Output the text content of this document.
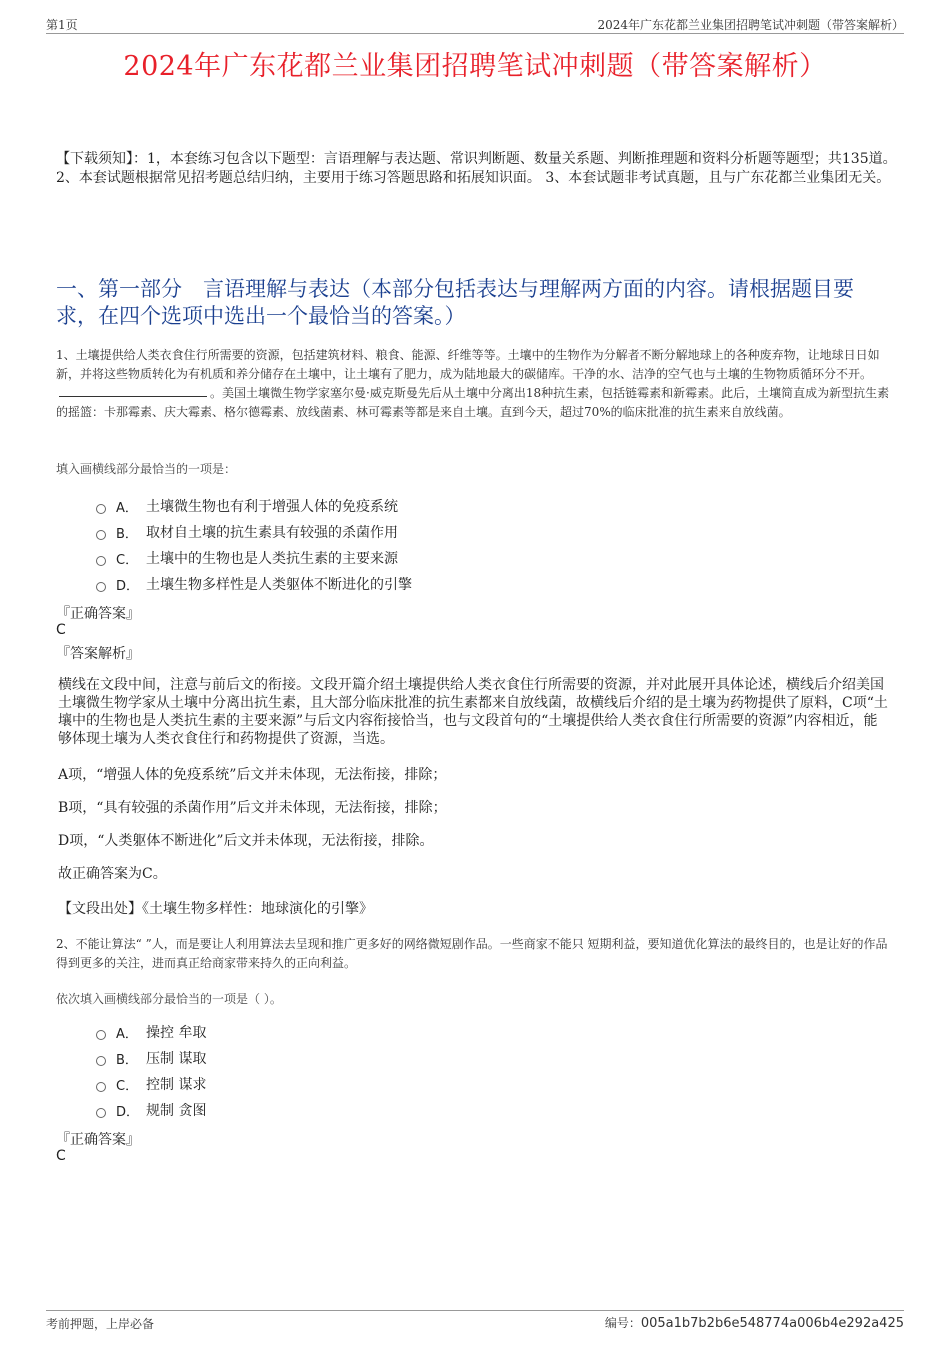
第1页	2024年广东花都兰业集团招聘笔试冲刺题（带答案解析）
2024年广东花都兰业集团招聘笔试冲刺题（带答案解析）
【下载须知】：1，本套练习包含以下题型：言语理解与表达题、常识判断题、数量关系题、判断推理题和资料分析题等题型；共135道。 2、本套试题根据常见招考题总结归纳，主要用于练习答题思路和拓展知识面。 3、本套试题非考试真题，且与广东花都兰业集团无关。
一、第一部分　言语理解与表达（本部分包括表达与理解两方面的内容。请根据题目要求，在四个选项中选出一个最恰当的答案。）
1、土壤提供给人类衣食住行所需要的资源，包括建筑材料、粮食、能源、纤维等等。土壤中的生物作为分解者不断分解地球上的各种废弃物，让地球日日如新，并将这些物质转化为有机质和养分储存在土壤中，让土壤有了肥力，成为陆地最大的碳储库。干净的水、洁净的空气也与土壤的生物物质循环分不开。。美国土壤微生物学家塞尔曼·威克斯曼先后从土壤中分离出18种抗生素，包括链霉素和新霉素。此后，土壤简直成为新型抗生素的摇篮：卡那霉素、庆大霉素、格尔德霉素、放线菌素、林可霉素等都是来自土壤。直到今天，超过70%的临床批准的抗生素来自放线菌。
填入画横线部分最恰当的一项是：
A． 土壤微生物也有利于增强人体的免疫系统
B． 取材自土壤的抗生素具有较强的杀菌作用
C． 土壤中的生物也是人类抗生素的主要来源
D． 土壤生物多样性是人类躯体不断进化的引擎
『正确答案』
C
『答案解析』
横线在文段中间，注意与前后文的衔接。文段开篇介绍土壤提供给人类衣食住行所需要的资源，并对此展开具体论述，横线后介绍美国土壤微生物学家从土壤中分离出抗生素，且大部分临床批准的抗生素都来自放线菌，故横线后介绍的是土壤为药物提供了原料，C项“土壤中的生物也是人类抗生素的主要来源”与后文内容衔接恰当，也与文段首句的“土壤提供给人类衣食住行所需要的资源”内容相近，能够体现土壤为人类衣食住行和药物提供了资源，当选。
A项，“增强人体的免疫系统”后文并未体现，无法衔接，排除；
B项，“具有较强的杀菌作用”后文并未体现，无法衔接，排除；
D项，“人类躯体不断进化”后文并未体现，无法衔接，排除。
故正确答案为C。
【文段出处】《土壤生物多样性：地球演化的引擎》
2、不能让算法“ ”人，而是要让人利用算法去呈现和推广更多好的网络微短剧作品。一些商家不能只 短期利益，要知道优化算法的最终目的，也是让好的作品得到更多的关注，进而真正给商家带来持久的正向利益。
依次填入画横线部分最恰当的一项是（ ）。
A． 操控 牟取
B． 压制 谋取
C． 控制 谋求
D． 规制 贪图
『正确答案』
C
考前押题，上岸必备	编号：005a1b7b2b6e548774a006b4e292a425
